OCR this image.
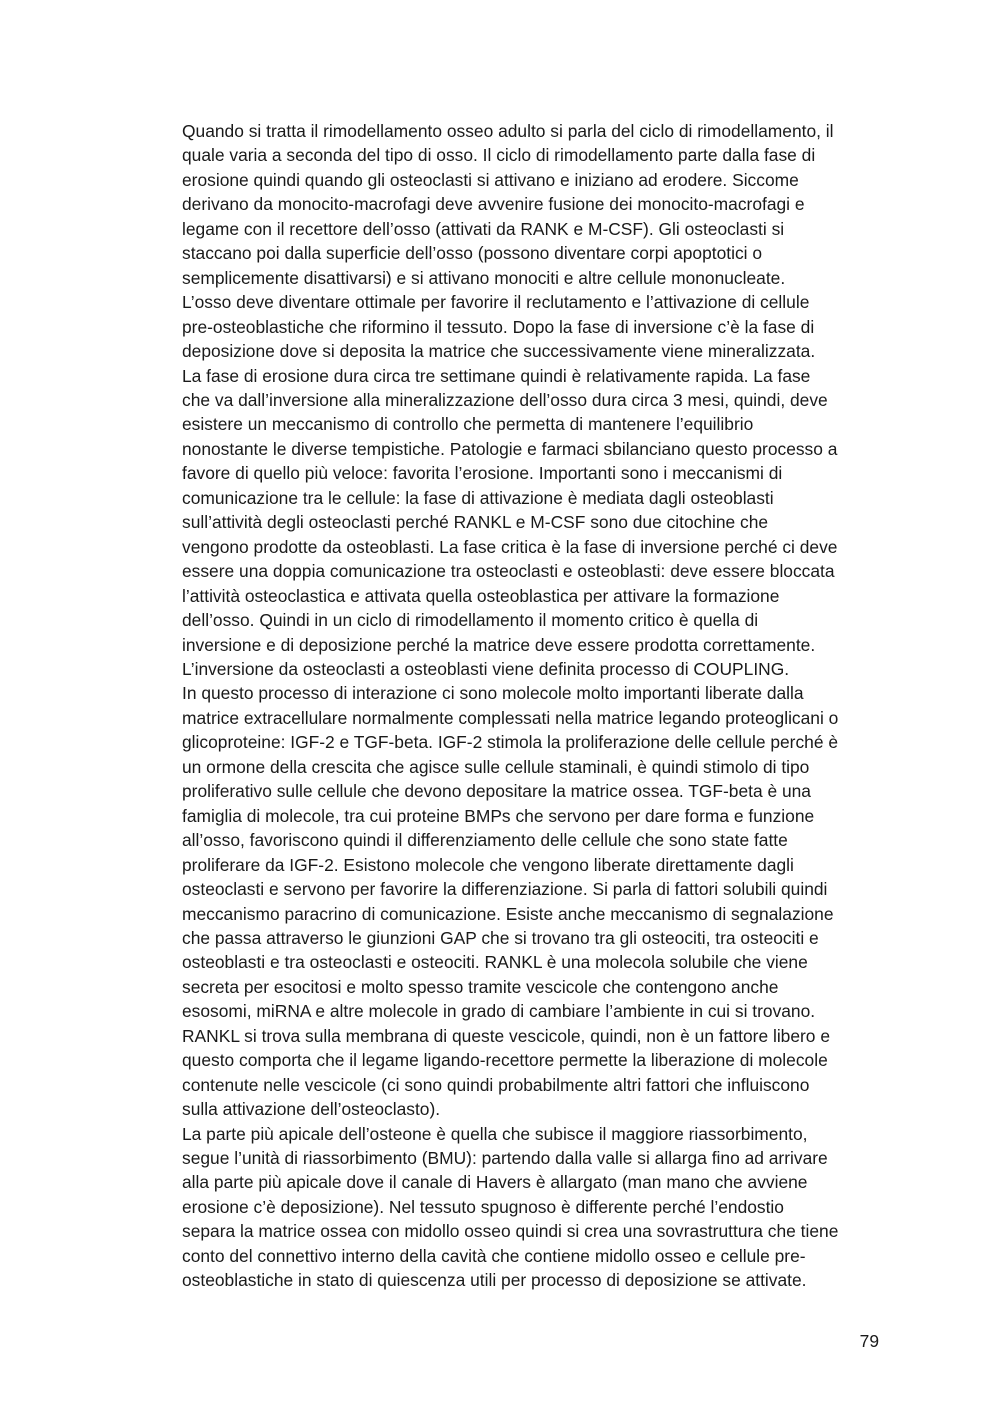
Quando si tratta il rimodellamento osseo adulto si parla del ciclo di rimodellamento, il
quale varia a seconda del tipo di osso. Il ciclo di rimodellamento parte dalla fase di
erosione quindi quando gli osteoclasti si attivano e iniziano ad erodere. Siccome
derivano da monocito-macrofagi deve avvenire fusione dei monocito-macrofagi e
legame con il recettore dell’osso (attivati da RANK e M-CSF). Gli osteoclasti si
staccano poi dalla superficie dell’osso (possono diventare corpi apoptotici o
semplicemente disattivarsi) e si attivano monociti e altre cellule mononucleate.
L’osso deve diventare ottimale per favorire il reclutamento e l’attivazione di cellule
pre-osteoblastiche che riformino il tessuto. Dopo la fase di inversione c’è la fase di
deposizione dove si deposita la matrice che successivamente viene mineralizzata.
La fase di erosione dura circa tre settimane quindi è relativamente rapida. La fase
che va dall’inversione alla mineralizzazione dell’osso dura circa 3 mesi, quindi, deve
esistere un meccanismo di controllo che permetta di mantenere l’equilibrio
nonostante le diverse tempistiche. Patologie e farmaci sbilanciano questo processo a
favore di quello più veloce: favorita l’erosione. Importanti sono i meccanismi di
comunicazione tra le cellule: la fase di attivazione è mediata dagli osteoblasti
sull’attività degli osteoclasti perché RANKL e M-CSF sono due citochine che
vengono prodotte da osteoblasti. La fase critica è la fase di inversione perché ci deve
essere una doppia comunicazione tra osteoclasti e osteoblasti: deve essere bloccata
l’attività osteoclastica e attivata quella osteoblastica per attivare la formazione
dell’osso. Quindi in un ciclo di rimodellamento il momento critico è quella di
inversione e di deposizione perché la matrice deve essere prodotta correttamente.
L’inversione da osteoclasti a osteoblasti viene definita processo di COUPLING.
In questo processo di interazione ci sono molecole molto importanti liberate dalla
matrice extracellulare normalmente complessati nella matrice legando proteoglicani o
glicoproteine: IGF-2 e TGF-beta. IGF-2 stimola la proliferazione delle cellule perché è
un ormone della crescita che agisce sulle cellule staminali, è quindi stimolo di tipo
proliferativo sulle cellule che devono depositare la matrice ossea. TGF-beta è una
famiglia di molecole, tra cui proteine BMPs che servono per dare forma e funzione
all’osso, favoriscono quindi il differenziamento delle cellule che sono state fatte
proliferare da IGF-2. Esistono molecole che vengono liberate direttamente dagli
osteoclasti e servono per favorire la differenziazione. Si parla di fattori solubili quindi
meccanismo paracrino di comunicazione. Esiste anche meccanismo di segnalazione
che passa attraverso le giunzioni GAP che si trovano tra gli osteociti, tra osteociti e
osteoblasti e tra osteoclasti e osteociti. RANKL è una molecola solubile che viene
secreta per esocitosi e molto spesso tramite vescicole che contengono anche
esosomi, miRNA e altre molecole in grado di cambiare l’ambiente in cui si trovano.
RANKL si trova sulla membrana di queste vescicole, quindi, non è un fattore libero e
questo comporta che il legame ligando-recettore permette la liberazione di molecole
contenute nelle vescicole (ci sono quindi probabilmente altri fattori che influiscono
sulla attivazione dell’osteoclasto).
La parte più apicale dell’osteone è quella che subisce il maggiore riassorbimento,
segue l’unità di riassorbimento (BMU): partendo dalla valle si allarga fino ad arrivare
alla parte più apicale dove il canale di Havers è allargato (man mano che avviene
erosione c’è deposizione). Nel tessuto spugnoso è differente perché l’endostio
separa la matrice ossea con midollo osseo quindi si crea una sovrastruttura che tiene
conto del connettivo interno della cavità che contiene midollo osseo e cellule pre-
osteoblastiche in stato di quiescenza utili per processo di deposizione se attivate.
79
